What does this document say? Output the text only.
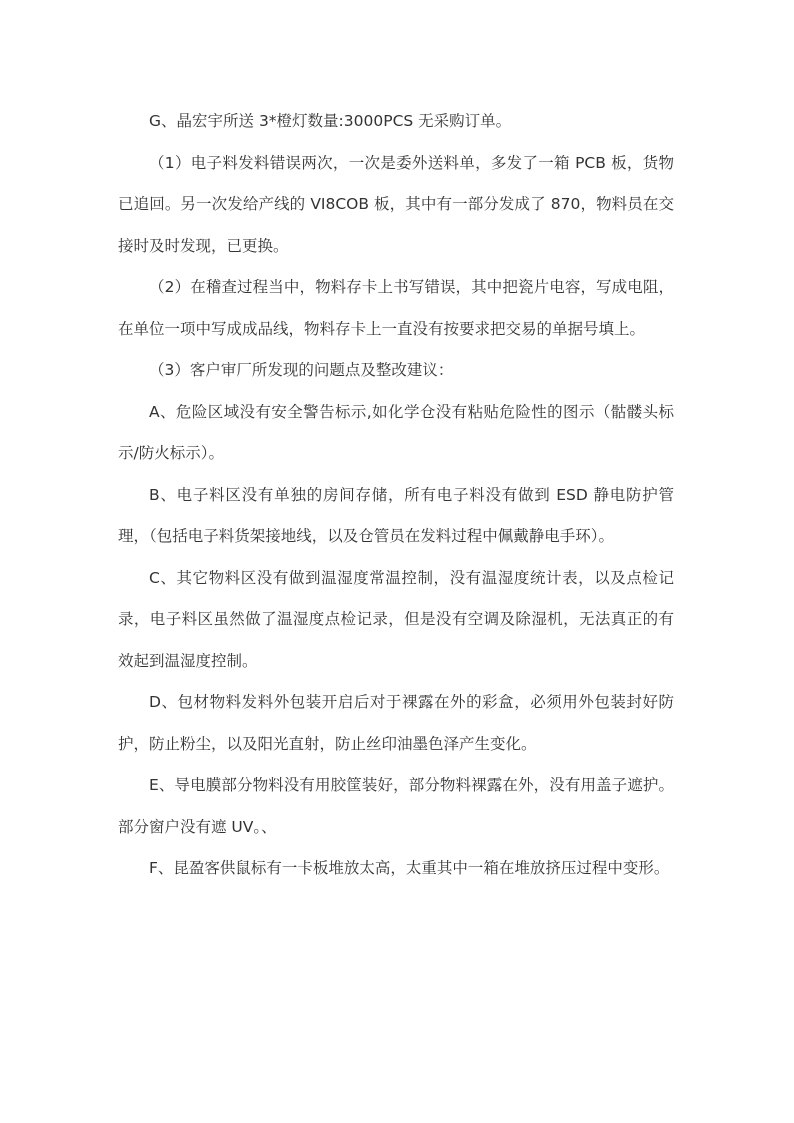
G、晶宏宇所送 3*橙灯数量:3000PCS 无采购订单。

（1）电子料发料错误两次，一次是委外送料单，多发了一箱 PCB 板，货物已追回。另一次发给产线的 VI8COB 板，其中有一部分发成了 870，物料员在交接时及时发现，已更换。

（2）在稽查过程当中，物料存卡上书写错误，其中把瓷片电容，写成电阻，在单位一项中写成成品线，物料存卡上一直没有按要求把交易的单据号填上。

（3）客户审厂所发现的问题点及整改建议：

A、危险区域没有安全警告标示,如化学仓没有粘贴危险性的图示（骷髅头标示/防火标示）。

B、电子料区没有单独的房间存储，所有电子料没有做到 ESD 静电防护管理，（包括电子料货架接地线，以及仓管员在发料过程中佩戴静电手环）。

C、其它物料区没有做到温湿度常温控制，没有温湿度统计表，以及点检记录，电子料区虽然做了温湿度点检记录，但是没有空调及除湿机，无法真正的有效起到温湿度控制。

D、包材物料发料外包装开启后对于裸露在外的彩盒，必须用外包装封好防护，防止粉尘，以及阳光直射，防止丝印油墨色泽产生变化。

E、导电膜部分物料没有用胶筐装好，部分物料裸露在外，没有用盖子遮护。部分窗户没有遮 UV。、

F、昆盈客供鼠标有一卡板堆放太高，太重其中一箱在堆放挤压过程中变形。
